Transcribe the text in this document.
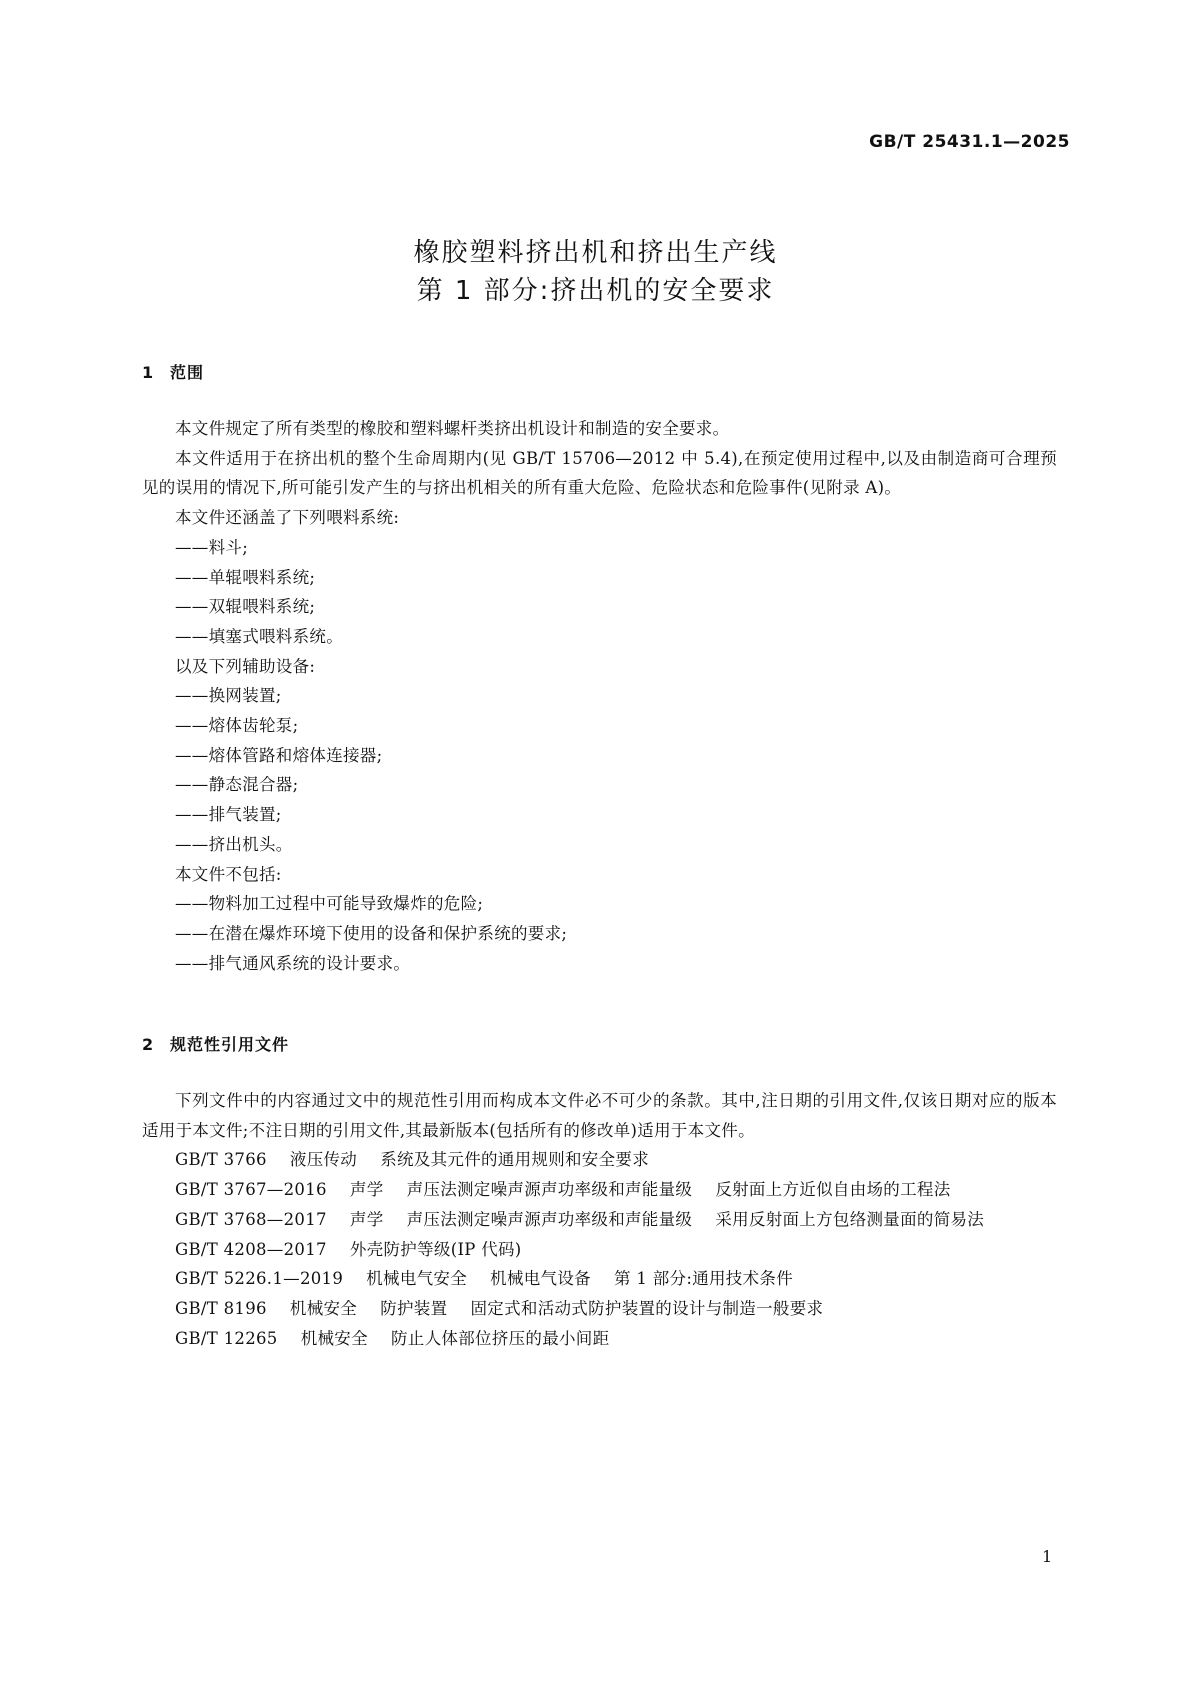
GB/T 25431.1—2025
橡胶塑料挤出机和挤出生产线
第 1 部分:挤出机的安全要求
1 范围

本文件规定了所有类型的橡胶和塑料螺杆类挤出机设计和制造的安全要求。

本文件适用于在挤出机的整个生命周期内(见 GB/T 15706—2012 中 5.4),在预定使用过程中,以及由制造商可合理预见的误用的情况下,所可能引发产生的与挤出机相关的所有重大危险、危险状态和危险事件(见附录 A)。

本文件还涵盖了下列喂料系统:

——料斗;

——单辊喂料系统;

——双辊喂料系统;

——填塞式喂料系统。

以及下列辅助设备:

——换网装置;

——熔体齿轮泵;

——熔体管路和熔体连接器;

——静态混合器;

——排气装置;

——挤出机头。

本文件不包括:

——物料加工过程中可能导致爆炸的危险;

——在潜在爆炸环境下使用的设备和保护系统的要求;

——排气通风系统的设计要求。

2 规范性引用文件

下列文件中的内容通过文中的规范性引用而构成本文件必不可少的条款。其中,注日期的引用文件,仅该日期对应的版本适用于本文件;不注日期的引用文件,其最新版本(包括所有的修改单)适用于本文件。

GB/T 3766 液压传动 系统及其元件的通用规则和安全要求

GB/T 3767—2016 声学 声压法测定噪声源声功率级和声能量级 反射面上方近似自由场的工程法

GB/T 3768—2017 声学 声压法测定噪声源声功率级和声能量级 采用反射面上方包络测量面的简易法

GB/T 4208—2017 外壳防护等级(IP 代码)

GB/T 5226.1—2019 机械电气安全 机械电气设备 第 1 部分:通用技术条件

GB/T 8196 机械安全 防护装置 固定式和活动式防护装置的设计与制造一般要求

GB/T 12265 机械安全 防止人体部位挤压的最小间距

1
